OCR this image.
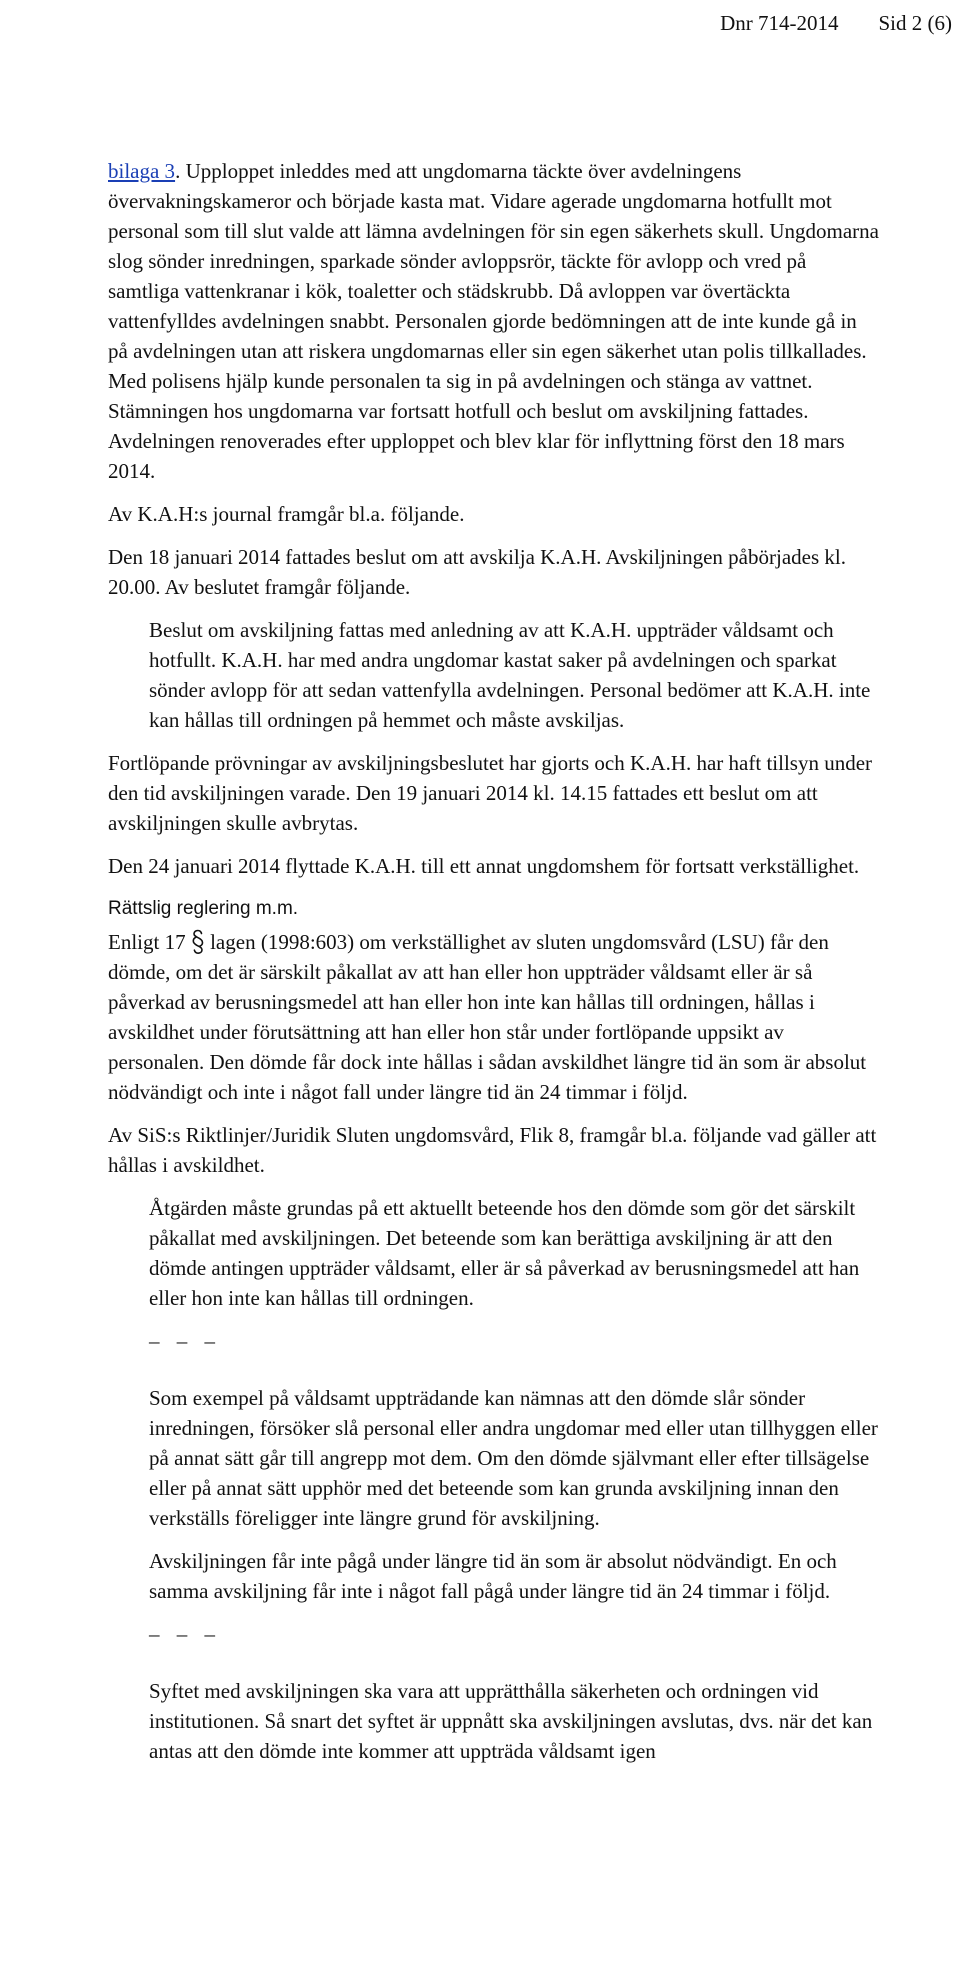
Dnr 714-2014 Sid 2 (6)

bilaga 3. Upploppet inleddes med att ungdomarna täckte över avdelningens övervakningskameror och började kasta mat. Vidare agerade ungdomarna hotfullt mot personal som till slut valde att lämna avdelningen för sin egen säkerhets skull. Ungdomarna slog sönder inredningen, sparkade sönder avloppsrör, täckte för avlopp och vred på samtliga vattenkranar i kök, toaletter och städskrubb. Då avloppen var övertäckta vattenfylldes avdelningen snabbt. Personalen gjorde bedömningen att de inte kunde gå in på avdelningen utan att riskera ungdomarnas eller sin egen säkerhet utan polis tillkallades. Med polisens hjälp kunde personalen ta sig in på avdelningen och stänga av vattnet. Stämningen hos ungdomarna var fortsatt hotfull och beslut om avskiljning fattades. Avdelningen renoverades efter upploppet och blev klar för inflyttning först den 18 mars 2014.

Av K.A.H:s journal framgår bl.a. följande.

Den 18 januari 2014 fattades beslut om att avskilja K.A.H. Avskiljningen påbörjades kl. 20.00. Av beslutet framgår följande.

Beslut om avskiljning fattas med anledning av att K.A.H. uppträder våldsamt och hotfullt. K.A.H. har med andra ungdomar kastat saker på avdelningen och sparkat sönder avlopp för att sedan vattenfylla avdelningen. Personal bedömer att K.A.H. inte kan hållas till ordningen på hemmet och måste avskiljas.

Fortlöpande prövningar av avskiljningsbeslutet har gjorts och K.A.H. har haft tillsyn under den tid avskiljningen varade. Den 19 januari 2014 kl. 14.15 fattades ett beslut om att avskiljningen skulle avbrytas.

Den 24 januari 2014 flyttade K.A.H. till ett annat ungdomshem för fortsatt verkställighet.

Rättslig reglering m.m.

Enligt 17  lagen (1998:603) om verkställighet av sluten ungdomsvård (LSU) får den dömde, om det är särskilt påkallat av att han eller hon uppträder våldsamt eller är så påverkad av berusningsmedel att han eller hon inte kan hållas till ordningen, hållas i avskildhet under förutsättning att han eller hon står under fortlöpande uppsikt av personalen. Den dömde får dock inte hållas i sådan avskildhet längre tid än som är absolut nödvändigt och inte i något fall under längre tid än 24 timmar i följd.

Av SiS:s Riktlinjer/Juridik Sluten ungdomsvård, Flik 8, framgår bl.a. följande vad gäller att hållas i avskildhet.

Åtgärden måste grundas på ett aktuellt beteende hos den dömde som gör det särskilt påkallat med avskiljningen. Det beteende som kan berättiga avskiljning är att den dömde antingen uppträder våldsamt, eller är så påverkad av berusningsmedel att han eller hon inte kan hållas till ordningen.

– – –

Som exempel på våldsamt uppträdande kan nämnas att den dömde slår sönder inredningen, försöker slå personal eller andra ungdomar med eller utan tillhyggen eller på annat sätt går till angrepp mot dem. Om den dömde självmant eller efter tillsägelse eller på annat sätt upphör med det beteende som kan grunda avskiljning innan den verkställs föreligger inte längre grund för avskiljning.

Avskiljningen får inte pågå under längre tid än som är absolut nödvändigt. En och samma avskiljning får inte i något fall pågå under längre tid än 24 timmar i följd.

– – –

Syftet med avskiljningen ska vara att upprätthålla säkerheten och ordningen vid institutionen. Så snart det syftet är uppnått ska avskiljningen avslutas, dvs. när det kan antas att den dömde inte kommer att uppträda våldsamt igen
